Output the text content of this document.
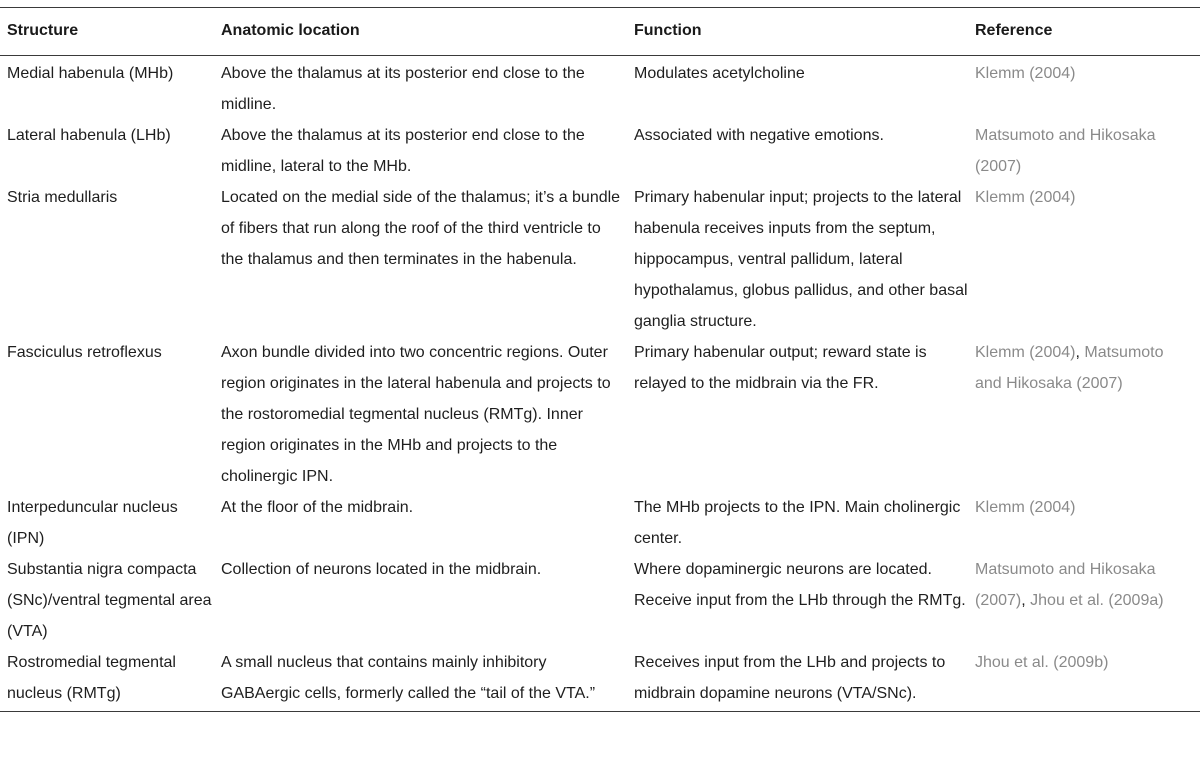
Structure	Anatomic location	Function	Reference
Medial habenula (MHb)	Above the thalamus at its posterior end close to the midline.	Modulates acetylcholine	Klemm (2004)
Lateral habenula (LHb)	Above the thalamus at its posterior end close to the midline, lateral to the MHb.	Associated with negative emotions.	Matsumoto and Hikosaka (2007)
Stria medullaris	Located on the medial side of the thalamus; it’s a bundle of fibers that run along the roof of the third ventricle to the thalamus and then terminates in the habenula.	Primary habenular input; projects to the lateral habenula receives inputs from the septum, hippocampus, ventral pallidum, lateral hypothalamus, globus pallidus, and other basal ganglia structure.	Klemm (2004)
Fasciculus retroflexus	Axon bundle divided into two concentric regions. Outer region originates in the lateral habenula and projects to the rostoromedial tegmental nucleus (RMTg). Inner region originates in the MHb and projects to the cholinergic IPN.	Primary habenular output; reward state is relayed to the midbrain via the FR.	Klemm (2004), Matsumoto and Hikosaka (2007)
Interpeduncular nucleus (IPN)	At the floor of the midbrain.	The MHb projects to the IPN. Main cholinergic center.	Klemm (2004)
Substantia nigra compacta (SNc)/ventral tegmental area (VTA)	Collection of neurons located in the midbrain.	Where dopaminergic neurons are located. Receive input from the LHb through the RMTg.	Matsumoto and Hikosaka (2007), Jhou et al. (2009a)
Rostromedial tegmental nucleus (RMTg)	A small nucleus that contains mainly inhibitory GABAergic cells, formerly called the “tail of the VTA.”	Receives input from the LHb and projects to midbrain dopamine neurons (VTA/SNc).	Jhou et al. (2009b)
